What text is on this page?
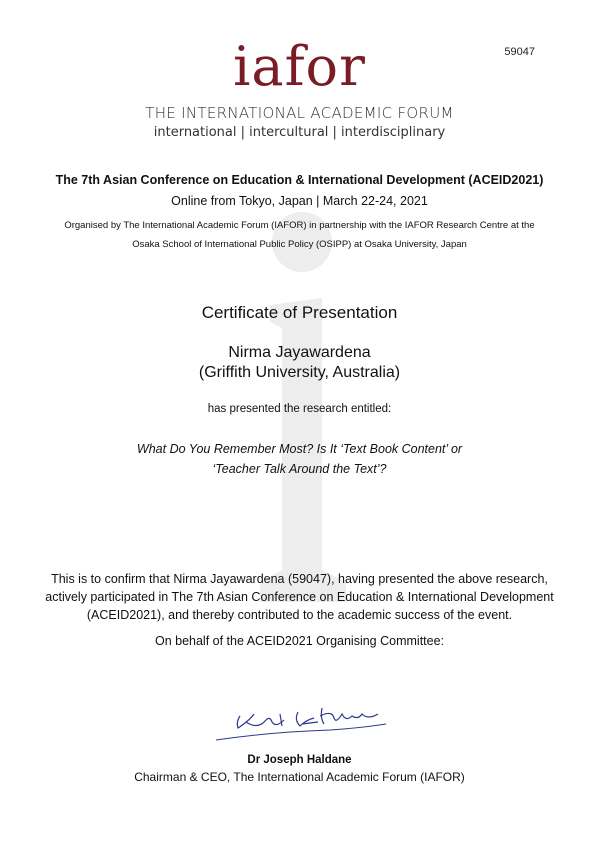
59047
iafor
THE INTERNATIONAL ACADEMIC FORUM
international | intercultural | interdisciplinary
The 7th Asian Conference on Education & International Development (ACEID2021)
Online from Tokyo, Japan | March 22-24, 2021
Organised by The International Academic Forum (IAFOR) in partnership with the IAFOR Research Centre at the Osaka School of International Public Policy (OSIPP) at Osaka University, Japan
Certificate of Presentation
Nirma Jayawardena
(Griffith University, Australia)
has presented the research entitled:
What Do You Remember Most? Is It ‘Text Book Content’ or
‘Teacher Talk Around the Text’?
This is to confirm that Nirma Jayawardena (59047), having presented the above research, actively participated in The 7th Asian Conference on Education & International Development (ACEID2021), and thereby contributed to the academic success of the event.
On behalf of the ACEID2021 Organising Committee:
Dr Joseph Haldane
Chairman & CEO, The International Academic Forum (IAFOR)
